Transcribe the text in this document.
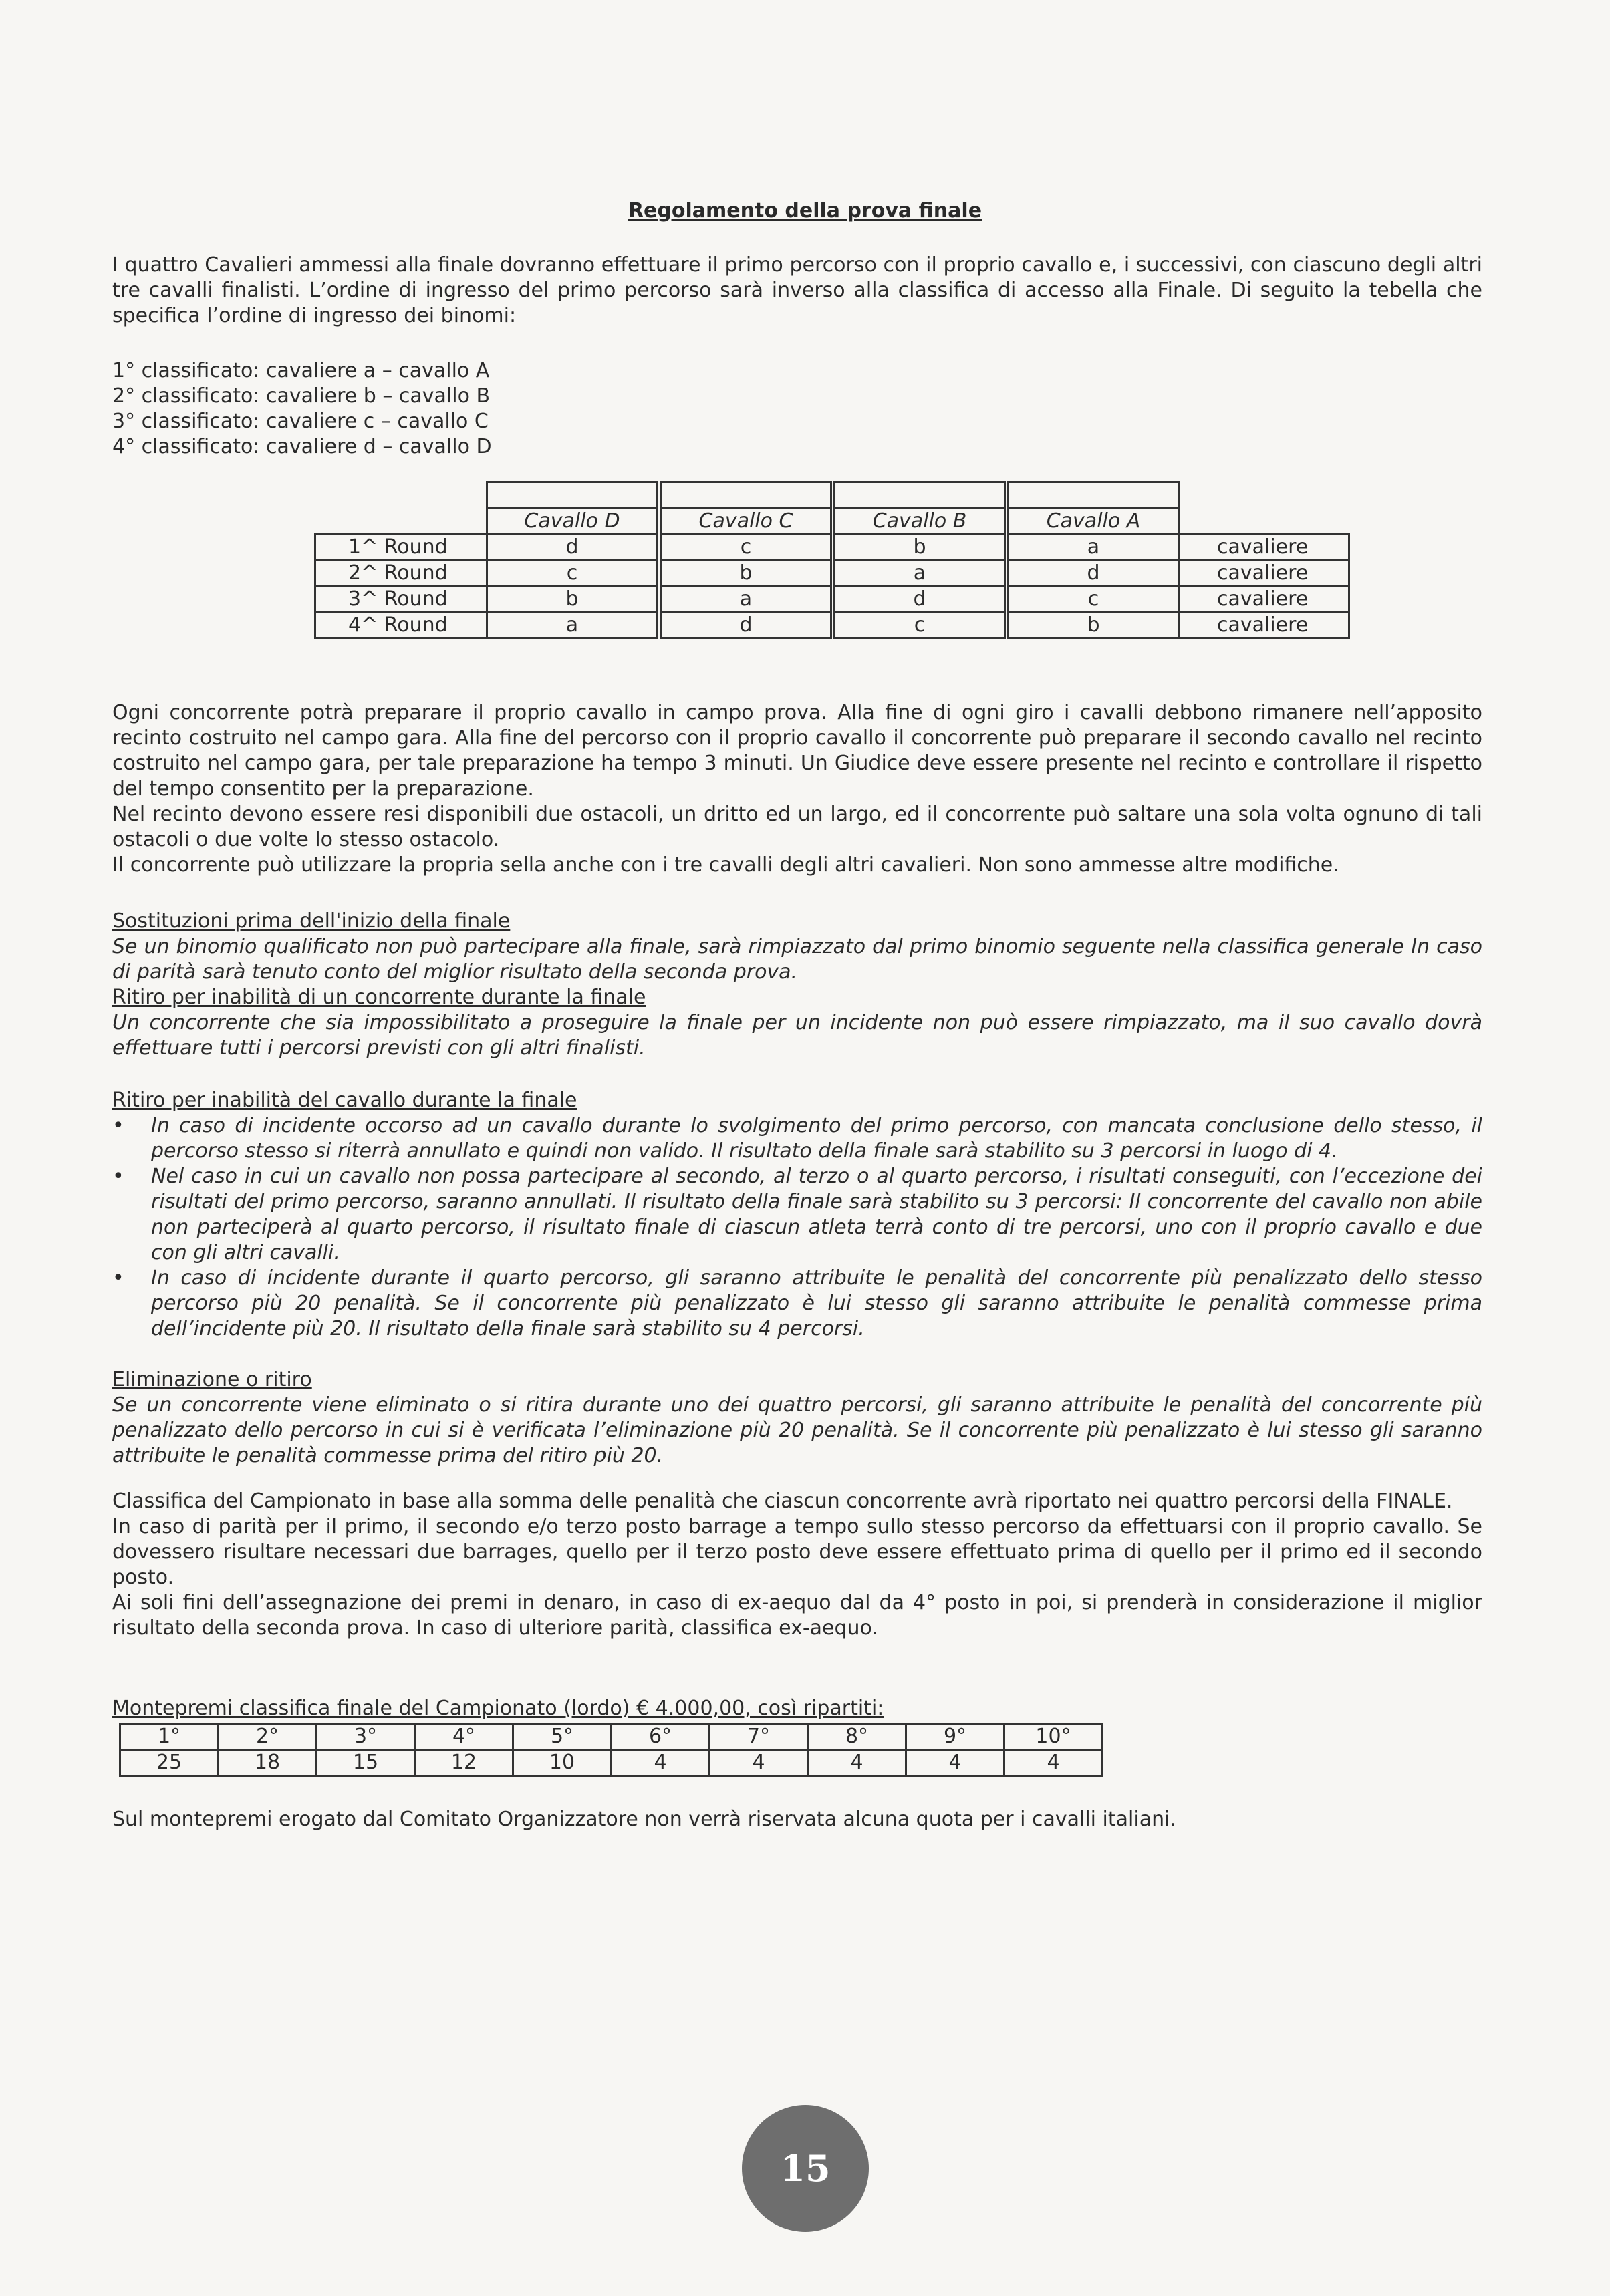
Regolamento della prova finale

I quattro Cavalieri ammessi alla finale dovranno effettuare il primo percorso con il proprio cavallo e, i successivi, con ciascuno degli altri tre cavalli finalisti. L’ordine di ingresso del primo percorso sarà inverso alla classifica di accesso alla Finale. Di seguito la tebella che specifica l’ordine di ingresso dei binomi:

1° classificato: cavaliere a – cavallo A

2° classificato: cavaliere b – cavallo B

3° classificato: cavaliere c – cavallo C

4° classificato: cavaliere d – cavallo D

	Cavallo D	Cavallo C	Cavallo B	Cavallo A	
1^ Round	d	c	b	a	cavaliere
2^ Round	c	b	a	d	cavaliere
3^ Round	b	a	d	c	cavaliere
4^ Round	a	d	c	b	cavaliere

Ogni concorrente potrà preparare il proprio cavallo in campo prova. Alla fine di ogni giro i cavalli debbono rimanere nell’apposito recinto costruito nel campo gara. Alla fine del percorso con il proprio cavallo il concorrente può preparare il secondo cavallo nel recinto costruito nel campo gara, per tale preparazione ha tempo 3 minuti. Un Giudice deve essere presente nel recinto e controllare il rispetto del tempo consentito per la preparazione.

Nel recinto devono essere resi disponibili due ostacoli, un dritto ed un largo, ed il concorrente può saltare una sola volta ognuno di tali ostacoli o due volte lo stesso ostacolo.

Il concorrente può utilizzare la propria sella anche con i tre cavalli degli altri cavalieri. Non sono ammesse altre modifiche.

Sostituzioni prima dell'inizio della finale

Se un binomio qualificato non può partecipare alla finale, sarà rimpiazzato dal primo binomio seguente nella classifica generale In caso di parità sarà tenuto conto del miglior risultato della seconda prova.

Ritiro per inabilità di un concorrente durante la finale

Un concorrente che sia impossibilitato a proseguire la finale per un incidente non può essere rimpiazzato, ma il suo cavallo dovrà effettuare tutti i percorsi previsti con gli altri finalisti.

Ritiro per inabilità del cavallo durante la finale

• In caso di incidente occorso ad un cavallo durante lo svolgimento del primo percorso, con mancata conclusione dello stesso, il percorso stesso si riterrà annullato e quindi non valido. Il risultato della finale sarà stabilito su 3 percorsi in luogo di 4.
• Nel caso in cui un cavallo non possa partecipare al secondo, al terzo o al quarto percorso, i risultati conseguiti, con l’eccezione dei risultati del primo percorso, saranno annullati. Il risultato della finale sarà stabilito su 3 percorsi: Il concorrente del cavallo non abile non parteciperà al quarto percorso, il risultato finale di ciascun atleta terrà conto di tre percorsi, uno con il proprio cavallo e due con gli altri cavalli.
• In caso di incidente durante il quarto percorso, gli saranno attribuite le penalità del concorrente più penalizzato dello stesso percorso più 20 penalità. Se il concorrente più penalizzato è lui stesso gli saranno attribuite le penalità commesse prima dell’incidente più 20. Il risultato della finale sarà stabilito su 4 percorsi.

Eliminazione o ritiro

Se un concorrente viene eliminato o si ritira durante uno dei quattro percorsi, gli saranno attribuite le penalità del concorrente più penalizzato dello percorso in cui si è verificata l’eliminazione più 20 penalità. Se il concorrente più penalizzato è lui stesso gli saranno attribuite le penalità commesse prima del ritiro più 20.

Classifica del Campionato in base alla somma delle penalità che ciascun concorrente avrà riportato nei quattro percorsi della FINALE.

In caso di parità per il primo, il secondo e/o terzo posto barrage a tempo sullo stesso percorso da effettuarsi con il proprio cavallo. Se dovessero risultare necessari due barrages, quello per il terzo posto deve essere effettuato prima di quello per il primo ed il secondo posto.

Ai soli fini dell’assegnazione dei premi in denaro, in caso di ex-aequo dal da 4° posto in poi, si prenderà in considerazione il miglior risultato della seconda prova. In caso di ulteriore parità, classifica ex-aequo.

Montepremi classifica finale del Campionato (lordo) € 4.000,00, così ripartiti:

1°	2°	3°	4°	5°	6°	7°	8°	9°	10°
25	18	15	12	10	4	4	4	4	4

Sul montepremi erogato dal Comitato Organizzatore non verrà riservata alcuna quota per i cavalli italiani.

15
